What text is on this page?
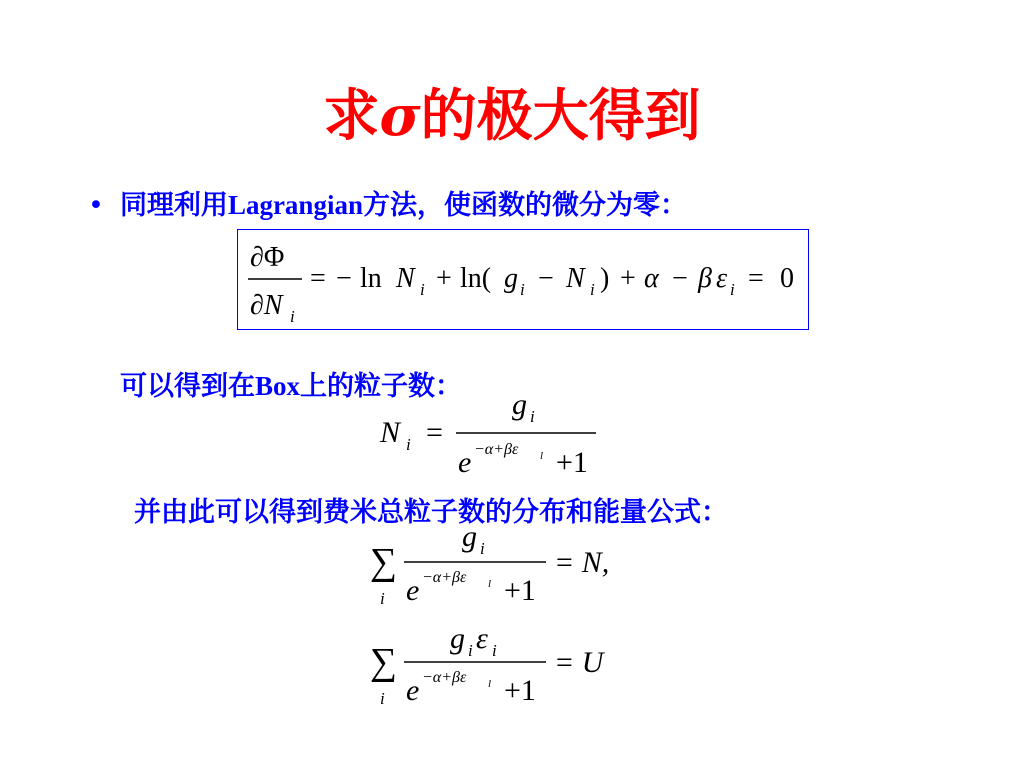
求σ的极大得到
• 同理利用Lagrangian方法，使函数的微分为零：
∂Φ
∂N i
= − ln N i + ln( g i − N i ) + α − β ε i = 0
可以得到在Box上的粒子数：
N i =
g i
e −α+βε l +1
并由此可以得到费米总粒子数的分布和能量公式：
∑
i
g i
e −α+βε l +1
= N,
∑
i
g i ε i
e −α+βε l +1
= U
